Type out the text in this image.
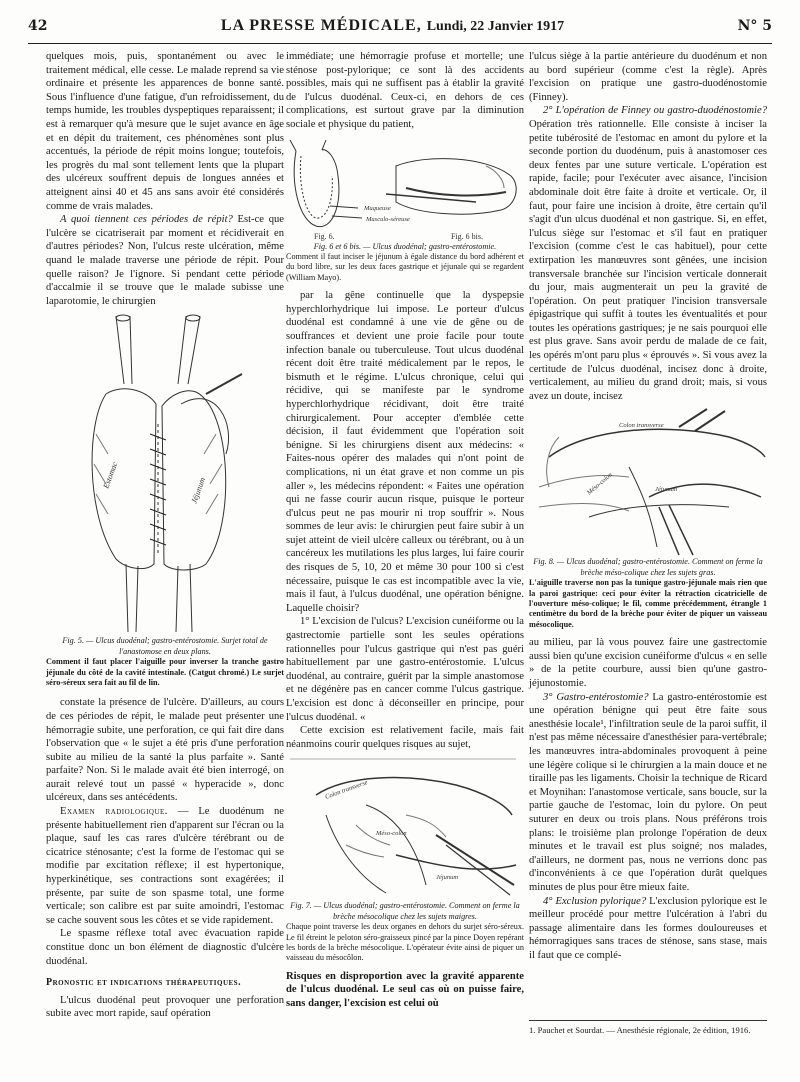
42	LA PRESSE MÉDICALE, Lundi, 22 Janvier 1917	N° 5

quelques mois, puis, spontanément ou avec le traitement médical, elle cesse. Le malade reprend sa vie ordinaire et présente les apparences de bonne santé. Sous l'influence d'une fatigue, d'un refroidissement, du temps humide, les troubles dyspeptiques reparaissent; il est à remarquer qu'à mesure que le sujet avance en âge et en dépit du traitement, ces phénomènes sont plus accentués, la période de répit moins longue; toutefois, les progrès du mal sont tellement lents que la plupart des ulcéreux souffrent depuis de longues années et atteignent ainsi 40 et 45 ans sans avoir été considérés comme de vrais malades.

A quoi tiennent ces périodes de répit? Est-ce que l'ulcère se cicatriserait par moment et récidiverait en d'autres périodes? Non, l'ulcus reste ulcération, même quand le malade traverse une période de répit. Pour quelle raison? Je l'ignore. Si pendant cette période d'accalmie il se trouve que le malade subisse une laparotomie, le chirurgien

Estomac
Jéjunum

Fig. 5. — Ulcus duodénal; gastro-entérostomie. Surjet total de l'anastomose en deux plans.

Comment il faut placer l'aiguille pour inverser la tranche gastro jéjunale du côté de la cavité intestinale. (Catgut chromé.) Le surjet séro-séreux sera fait au fil de lin.

constate la présence de l'ulcère. D'ailleurs, au cours de ces périodes de répit, le malade peut présenter une hémorragie subite, une perforation, ce qui fait dire dans l'observation que « le sujet a été pris d'une perforation subite au milieu de la santé la plus parfaite ». Santé parfaite? Non. Si le malade avait été bien interrogé, on aurait relevé tout un passé « hyperacide », donc ulcéreux, dans ses antécédents.

Examen radiologique. — Le duodénum ne présente habituellement rien d'apparent sur l'écran ou la plaque, sauf les cas rares d'ulcère térébrant ou de cicatrice sténosante; c'est la forme de l'estomac qui se modifie par excitation réflexe; il est hypertonique, hyperkinétique, ses contractions sont exagérées; il présente, par suite de son spasme total, une forme verticale; son calibre est par suite amoindri, l'estomac se cache souvent sous les côtes et se vide rapidement.

Le spasme réflexe total avec évacuation rapide constitue donc un bon élément de diagnostic d'ulcère duodénal.

Pronostic et indications thérapeutiques.

L'ulcus duodénal peut provoquer une perforation subite avec mort rapide, sauf opération

immédiate; une hémorragie profuse et mortelle; une sténose post-pylorique; ce sont là des accidents possibles, mais qui ne suffisent pas à établir la gravité de l'ulcus duodénal. Ceux-ci, en dehors de ces complications, est surtout grave par la diminution sociale et physique du patient,

Muqueuse
Musculo-séreuse
Fig. 6.	Fig. 6 bis.

Fig. 6 et 6 bis. — Ulcus duodénal; gastro-entérostomie.

Comment il faut inciser le jéjunum à égale distance du bord adhérent et du bord libre, sur les deux faces gastrique et jéjunale qui se regardent (William Mayo).

par la gêne continuelle que la dyspepsie hyperchlorhydrique lui impose. Le porteur d'ulcus duodénal est condamné à une vie de gêne ou de souffrances et devient une proie facile pour toute infection banale ou tuberculeuse. Tout ulcus duodénal récent doit être traité médicalement par le repos, le bismuth et le régime. L'ulcus chronique, celui qui récidive, qui se manifeste par le syndrome hyperchlorhydrique récidivant, doit être traité chirurgicalement. Pour accepter d'emblée cette décision, il faut évidemment que l'opération soit bénigne. Si les chirurgiens disent aux médecins: « Faites-nous opérer des malades qui n'ont point de complications, ni un état grave et non comme un pis aller », les médecins répondent: « Faites une opération qui ne fasse courir aucun risque, puisque le porteur d'ulcus peut ne pas mourir ni trop souffrir ». Nous sommes de leur avis: le chirurgien peut faire subir à un sujet atteint de vieil ulcère calleux ou térébrant, ou à un cancéreux les mutilations les plus larges, lui faire courir des risques de 5, 10, 20 et même 30 pour 100 si c'est nécessaire, puisque le cas est incompatible avec la vie, mais il faut, à l'ulcus duodénal, une opération bénigne. Laquelle choisir?

1° L'excision de l'ulcus? L'excision cunéiforme ou la gastrectomie partielle sont les seules opérations rationnelles pour l'ulcus gastrique qui n'est pas guéri habituellement par une gastro-entérostomie. L'ulcus duodénal, au contraire, guérit par la simple anastomose et ne dégénère pas en cancer comme l'ulcus gastrique. L'excision est donc à déconseiller en principe, pour l'ulcus duodénal. «

Cette excision est relativement facile, mais fait néanmoins courir quelques risques au sujet,

Colon transverse
Méso-colon
Jéjunum

Fig. 7. — Ulcus duodénal; gastro-entérostomie. Comment on ferme la brèche mésocolique chez les sujets maigres.

Chaque point traverse les deux organes en dehors du surjet séro-séreux. Le fil étreint le peloton séro-graisseux pincé par la pince Doyen repérant les bords de la brèche mésocolique. L'opérateur évite ainsi de piquer un vaisseau du mésocôlon.

Risques en disproportion avec la gravité apparente de l'ulcus duodénal. Le seul cas où on puisse faire, sans danger, l'excision est celui où

l'ulcus siège à la partie antérieure du duodénum et non au bord supérieur (comme c'est la règle). Après l'excision on pratique une gastro-duodénostomie (Finney).

2° L'opération de Finney ou gastro-duodénostomie? Opération très rationnelle. Elle consiste à inciser la petite tubérosité de l'estomac en amont du pylore et la seconde portion du duodénum, puis à anastomoser ces deux fentes par une suture verticale. L'opération est rapide, facile; pour l'exécuter avec aisance, l'incision abdominale doit être faite à droite et verticale. Or, il faut, pour faire une incision à droite, être certain qu'il s'agit d'un ulcus duodénal et non gastrique. Si, en effet, l'ulcus siège sur l'estomac et s'il faut en pratiquer l'excision (comme c'est le cas habituel), pour cette extirpation les manœuvres sont gênées, une incision transversale branchée sur l'incision verticale donnerait du jour, mais augmenterait un peu la gravité de l'opération. On peut pratiquer l'incision transversale épigastrique qui suffit à toutes les éventualités et pour toutes les opérations gastriques; je ne sais pourquoi elle est plus grave. Sans avoir perdu de malade de ce fait, les opérés m'ont paru plus « éprouvés ». Si vous avez la certitude de l'ulcus duodénal, incisez donc à droite, verticalement, au milieu du grand droit; mais, si vous avez un doute, incisez

Colon transverse
Méso-colon	Jéjunum

Fig. 8. — Ulcus duodénal; gastro-entérostomie. Comment on ferme la brèche méso-colique chez les sujets gras.

L'aiguille traverse non pas la tunique gastro-jéjunale mais rien que la paroi gastrique: ceci pour éviter la rétraction cicatricielle de l'ouverture méso-colique; le fil, comme précédemment, étrangle 1 centimètre du bord de la brèche pour éviter de piquer un vaisseau mésocolique.

au milieu, par là vous pouvez faire une gastrectomie aussi bien qu'une excision cunéiforme d'ulcus « en selle » de la petite courbure, aussi bien qu'une gastro-jéjunostomie.

3° Gastro-entérostomie? La gastro-entérostomie est une opération bénigne qui peut être faite sous anesthésie locale¹, l'infiltration seule de la paroi suffit, il n'est pas même nécessaire d'anesthésier para-vertébrale; les manœuvres intra-abdominales provoquent à peine une légère colique si le chirurgien a la main douce et ne tiraille pas les ligaments. Choisir la technique de Ricard et Moynihan: l'anastomose verticale, sans boucle, sur la partie gauche de l'estomac, loin du pylore. On peut suturer en deux ou trois plans. Nous préférons trois plans: le troisième plan prolonge l'opération de deux minutes et le travail est plus soigné; nos malades, d'ailleurs, ne dorment pas, nous ne verrions donc pas d'inconvénients à ce que l'opération durât quelques minutes de plus pour être mieux faite.

4° Exclusion pylorique? L'exclusion pylorique est le meilleur procédé pour mettre l'ulcération à l'abri du passage alimentaire dans les formes douloureuses et hémorragiques sans traces de sténose, sans stase, mais il faut que ce complé-

1. Pauchet et Sourdat. — Anesthésie régionale, 2e édition, 1916.
